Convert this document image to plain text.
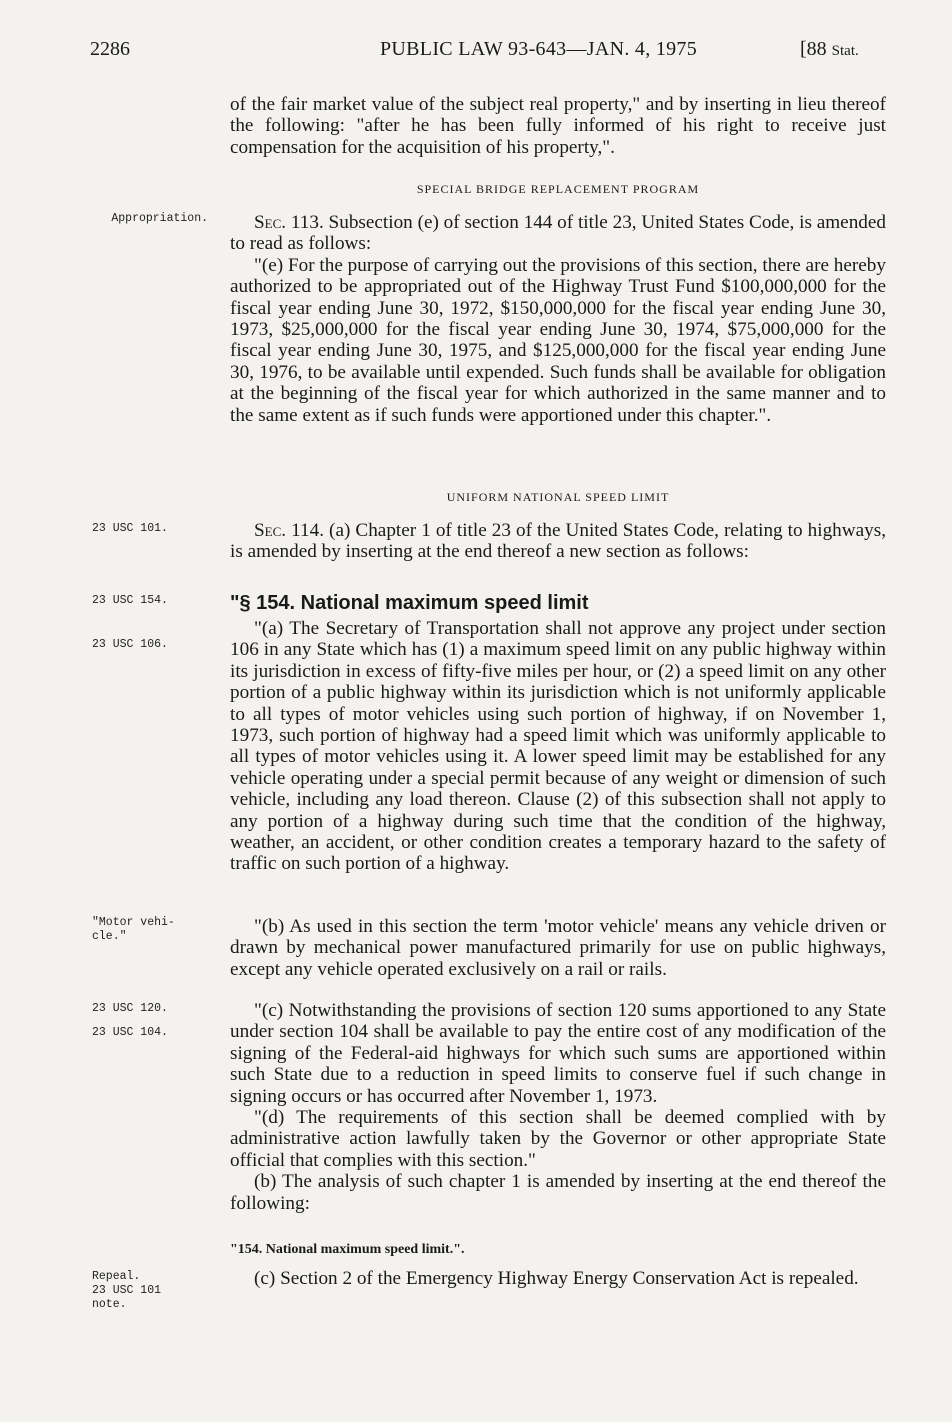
2286	PUBLIC LAW 93-643—JAN. 4, 1975	[88 Stat.

of the fair market value of the subject real property," and by inserting in lieu thereof the following: "after he has been fully informed of his right to receive just compensation for the acquisition of his property,".

SPECIAL BRIDGE REPLACEMENT PROGRAM
Appropriation.	Sec. 113. Subsection (e) of section 144 of title 23, United States Code, is amended to read as follows:

"(e) For the purpose of carrying out the provisions of this section, there are hereby authorized to be appropriated out of the Highway Trust Fund $100,000,000 for the fiscal year ending June 30, 1972, $150,000,000 for the fiscal year ending June 30, 1973, $25,000,000 for the fiscal year ending June 30, 1974, $75,000,000 for the fiscal year ending June 30, 1975, and $125,000,000 for the fiscal year ending June 30, 1976, to be available until expended. Such funds shall be available for obligation at the beginning of the fiscal year for which authorized in the same manner and to the same extent as if such funds were apportioned under this chapter.".

UNIFORM NATIONAL SPEED LIMIT
23 USC 101.	Sec. 114. (a) Chapter 1 of title 23 of the United States Code, relating to highways, is amended by inserting at the end thereof a new section as follows:

23 USC 154.	"§ 154. National maximum speed limit
23 USC 106.

"(a) The Secretary of Transportation shall not approve any project under section 106 in any State which has (1) a maximum speed limit on any public highway within its jurisdiction in excess of fifty-five miles per hour, or (2) a speed limit on any other portion of a public highway within its jurisdiction which is not uniformly applicable to all types of motor vehicles using such portion of highway, if on November 1, 1973, such portion of highway had a speed limit which was uniformly applicable to all types of motor vehicles using it. A lower speed limit may be established for any vehicle operating under a special permit because of any weight or dimension of such vehicle, including any load thereon. Clause (2) of this subsection shall not apply to any portion of a highway during such time that the condition of the highway, weather, an accident, or other condition creates a temporary hazard to the safety of traffic on such portion of a highway.

"Motor vehi-
cle."	"(b) As used in this section the term 'motor vehicle' means any vehicle driven or drawn by mechanical power manufactured primarily for use on public highways, except any vehicle operated exclusively on a rail or rails.

23 USC 120.
23 USC 104.

"(c) Notwithstanding the provisions of section 120 sums apportioned to any State under section 104 shall be available to pay the entire cost of any modification of the signing of the Federal-aid highways for which such sums are apportioned within such State due to a reduction in speed limits to conserve fuel if such change in signing occurs or has occurred after November 1, 1973.

"(d) The requirements of this section shall be deemed complied with by administrative action lawfully taken by the Governor or other appropriate State official that complies with this section."

(b) The analysis of such chapter 1 is amended by inserting at the end thereof the following:

"154. National maximum speed limit.".
Repeal.
23 USC 101
note.

(c) Section 2 of the Emergency Highway Energy Conservation Act is repealed.
